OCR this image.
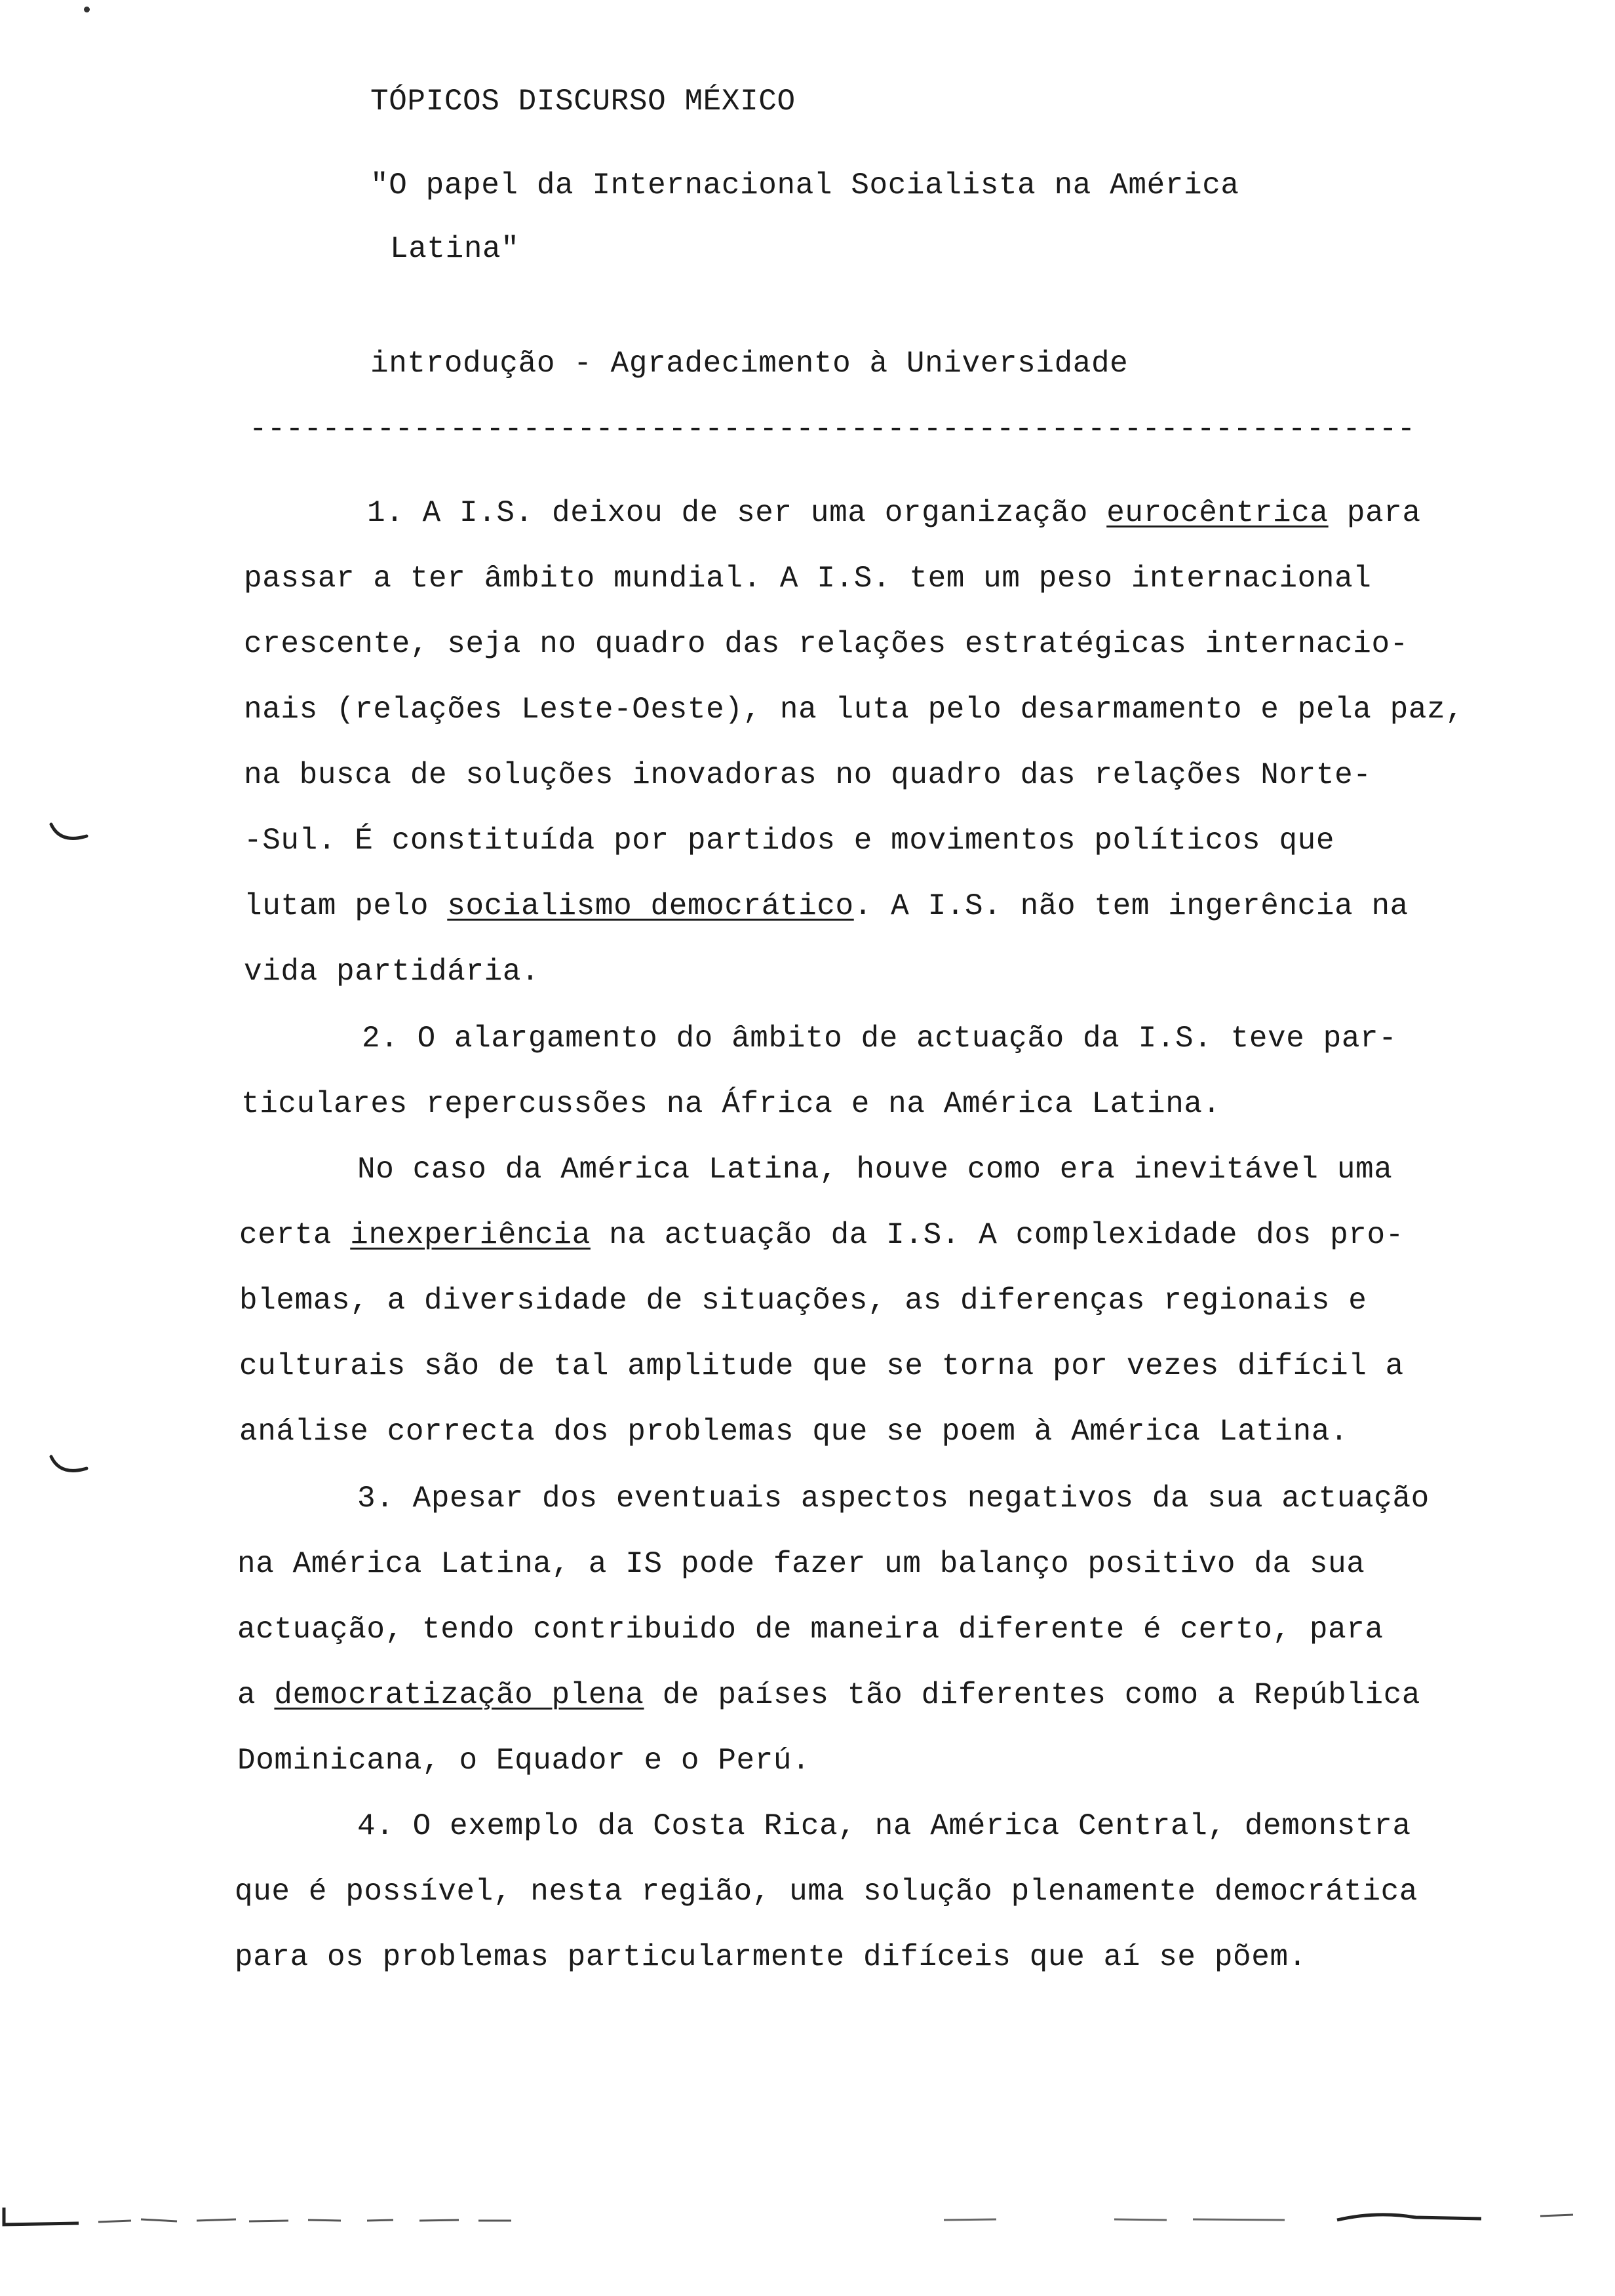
TÓPICOS DISCURSO MÉXICO
"O papel da Internacional Socialista na América
Latina"
introdução - Agradecimento à Universidade
----------------------------------------------------------------
1. A I.S. deixou de ser uma organização eurocêntrica para
passar a ter âmbito mundial. A I.S. tem um peso internacional
crescente, seja no quadro das relações estratégicas internacio-
nais (relações Leste-Oeste), na luta pelo desarmamento e pela paz,
na busca de soluções inovadoras no quadro das relações Norte-
-Sul. É constituída por partidos e movimentos políticos que
lutam pelo socialismo democrático. A I.S. não tem ingerência na
vida partidária.
2. O alargamento do âmbito de actuação da I.S. teve par-
ticulares repercussões na África e na América Latina.
No caso da América Latina, houve como era inevitável uma
certa inexperiência na actuação da I.S. A complexidade dos pro-
blemas, a diversidade de situações, as diferenças regionais e
culturais são de tal amplitude que se torna por vezes difícil a
análise correcta dos problemas que se poem à América Latina.
3. Apesar dos eventuais aspectos negativos da sua actuação
na América Latina, a IS pode fazer um balanço positivo da sua
actuação, tendo contribuido de maneira diferente é certo, para
a democratização plena de países tão diferentes como a República
Dominicana, o Equador e o Perú.
4. O exemplo da Costa Rica, na América Central, demonstra
que é possível, nesta região, uma solução plenamente democrática
para os problemas particularmente difíceis que aí se põem.
